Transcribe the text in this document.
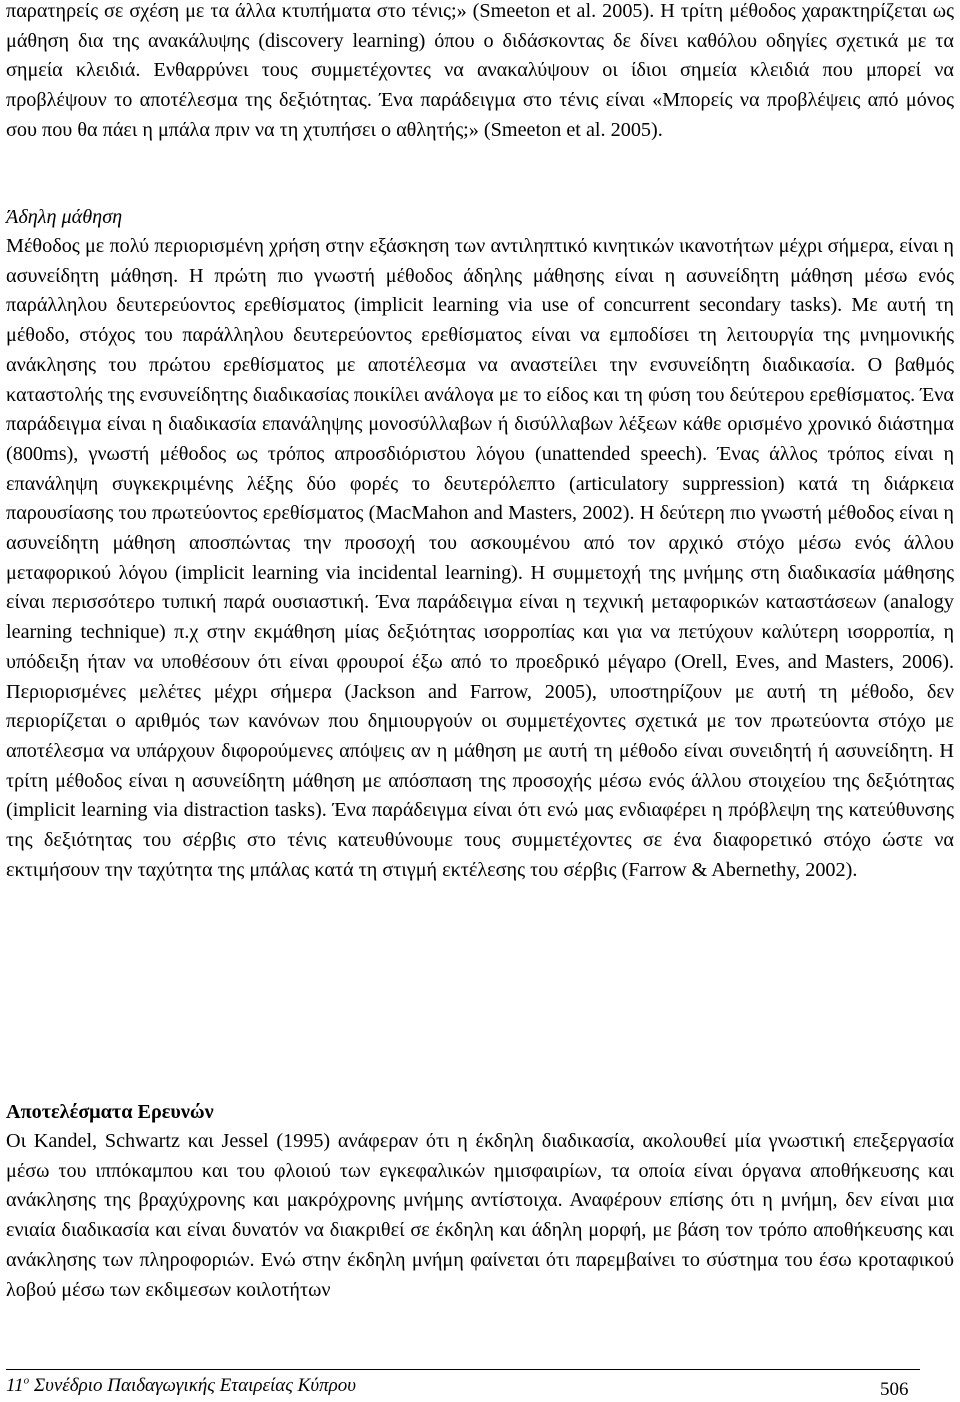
παρατηρείς σε σχέση με τα άλλα κτυπήματα στο τένις;» (Smeeton et al. 2005). Η τρίτη μέθοδος χαρακτηρίζεται ως μάθηση δια της ανακάλυψης (discovery learning) όπου ο διδάσκοντας δε δίνει καθόλου οδηγίες σχετικά με τα σημεία κλειδιά. Ενθαρρύνει τους συμμετέχοντες να ανακαλύψουν οι ίδιοι σημεία κλειδιά που μπορεί να προβλέψουν το αποτέλεσμα της δεξιότητας. Ένα παράδειγμα στο τένις είναι «Μπορείς να προβλέψεις από μόνος σου που θα πάει η μπάλα πριν να τη χτυπήσει ο αθλητής;» (Smeeton et al. 2005).

Άδηλη μάθηση

Μέθοδος με πολύ περιορισμένη χρήση στην εξάσκηση των αντιληπτικό κινητικών ικανοτήτων μέχρι σήμερα, είναι η ασυνείδητη μάθηση. Η πρώτη πιο γνωστή μέθοδος άδηλης μάθησης είναι η ασυνείδητη μάθηση μέσω ενός παράλληλου δευτερεύοντος ερεθίσματος (implicit learning via use of concurrent secondary tasks). Με αυτή τη μέθοδο, στόχος του παράλληλου δευτερεύοντος ερεθίσματος είναι να εμποδίσει τη λειτουργία της μνημονικής ανάκλησης του πρώτου ερεθίσματος με αποτέλεσμα να αναστείλει την ενσυνείδητη διαδικασία. Ο βαθμός καταστολής της ενσυνείδητης διαδικασίας ποικίλει ανάλογα με το είδος και τη φύση του δεύτερου ερεθίσματος. Ένα παράδειγμα είναι η διαδικασία επανάληψης μονοσύλλαβων ή δισύλλαβων λέξεων κάθε ορισμένο χρονικό διάστημα (800ms), γνωστή μέθοδος ως τρόπος απροσδιόριστου λόγου (unattended speech). Ένας άλλος τρόπος είναι η επανάληψη συγκεκριμένης λέξης δύο φορές το δευτερόλεπτο (articulatory suppression) κατά τη διάρκεια παρουσίασης του πρωτεύοντος ερεθίσματος (MacMahon and Masters, 2002). Η δεύτερη πιο γνωστή μέθοδος είναι η ασυνείδητη μάθηση αποσπώντας την προσοχή του ασκουμένου από τον αρχικό στόχο μέσω ενός άλλου μεταφορικού λόγου (implicit learning via incidental learning). Η συμμετοχή της μνήμης στη διαδικασία μάθησης είναι περισσότερο τυπική παρά ουσιαστική. Ένα παράδειγμα είναι η τεχνική μεταφορικών καταστάσεων (analogy learning technique) π.χ στην εκμάθηση μίας δεξιότητας ισορροπίας και για να πετύχουν καλύτερη ισορροπία, η υπόδειξη ήταν να υποθέσουν ότι είναι φρουροί έξω από το προεδρικό μέγαρο (Orell, Eves, and Masters, 2006). Περιορισμένες μελέτες μέχρι σήμερα (Jackson and Farrow, 2005), υποστηρίζουν με αυτή τη μέθοδο, δεν περιορίζεται ο αριθμός των κανόνων που δημιουργούν οι συμμετέχοντες σχετικά με τον πρωτεύοντα στόχο με αποτέλεσμα να υπάρχουν διφορούμενες απόψεις αν η μάθηση με αυτή τη μέθοδο είναι συνειδητή ή ασυνείδητη. Η τρίτη μέθοδος είναι η ασυνείδητη μάθηση με απόσπαση της προσοχής μέσω ενός άλλου στοιχείου της δεξιότητας (implicit learning via distraction tasks). Ένα παράδειγμα είναι ότι ενώ μας ενδιαφέρει η πρόβλεψη της κατεύθυνσης της δεξιότητας του σέρβις στο τένις κατευθύνουμε τους συμμετέχοντες σε ένα διαφορετικό στόχο ώστε να εκτιμήσουν την ταχύτητα της μπάλας κατά τη στιγμή εκτέλεσης του σέρβις (Farrow & Abernethy, 2002).

Αποτελέσματα Ερευνών

Οι Kandel, Schwartz και Jessel (1995) ανάφεραν ότι η έκδηλη διαδικασία, ακολουθεί μία γνωστική επεξεργασία μέσω του ιππόκαμπου και του φλοιού των εγκεφαλικών ημισφαιρίων, τα οποία είναι όργανα αποθήκευσης και ανάκλησης της βραχύχρονης και μακρόχρονης μνήμης αντίστοιχα. Αναφέρουν επίσης ότι η μνήμη, δεν είναι μια ενιαία διαδικασία και είναι δυνατόν να διακριθεί σε έκδηλη και άδηλη μορφή, με βάση τον τρόπο αποθήκευσης και ανάκλησης των πληροφοριών. Ενώ στην έκδηλη μνήμη φαίνεται ότι παρεμβαίνει το σύστημα του έσω κροταφικού λοβού μέσω των εκδιμεσων κοιλοτήτων

$11^o$ Συνέδριο Παιδαγωγικής Εταιρείας Κύπρου	506
